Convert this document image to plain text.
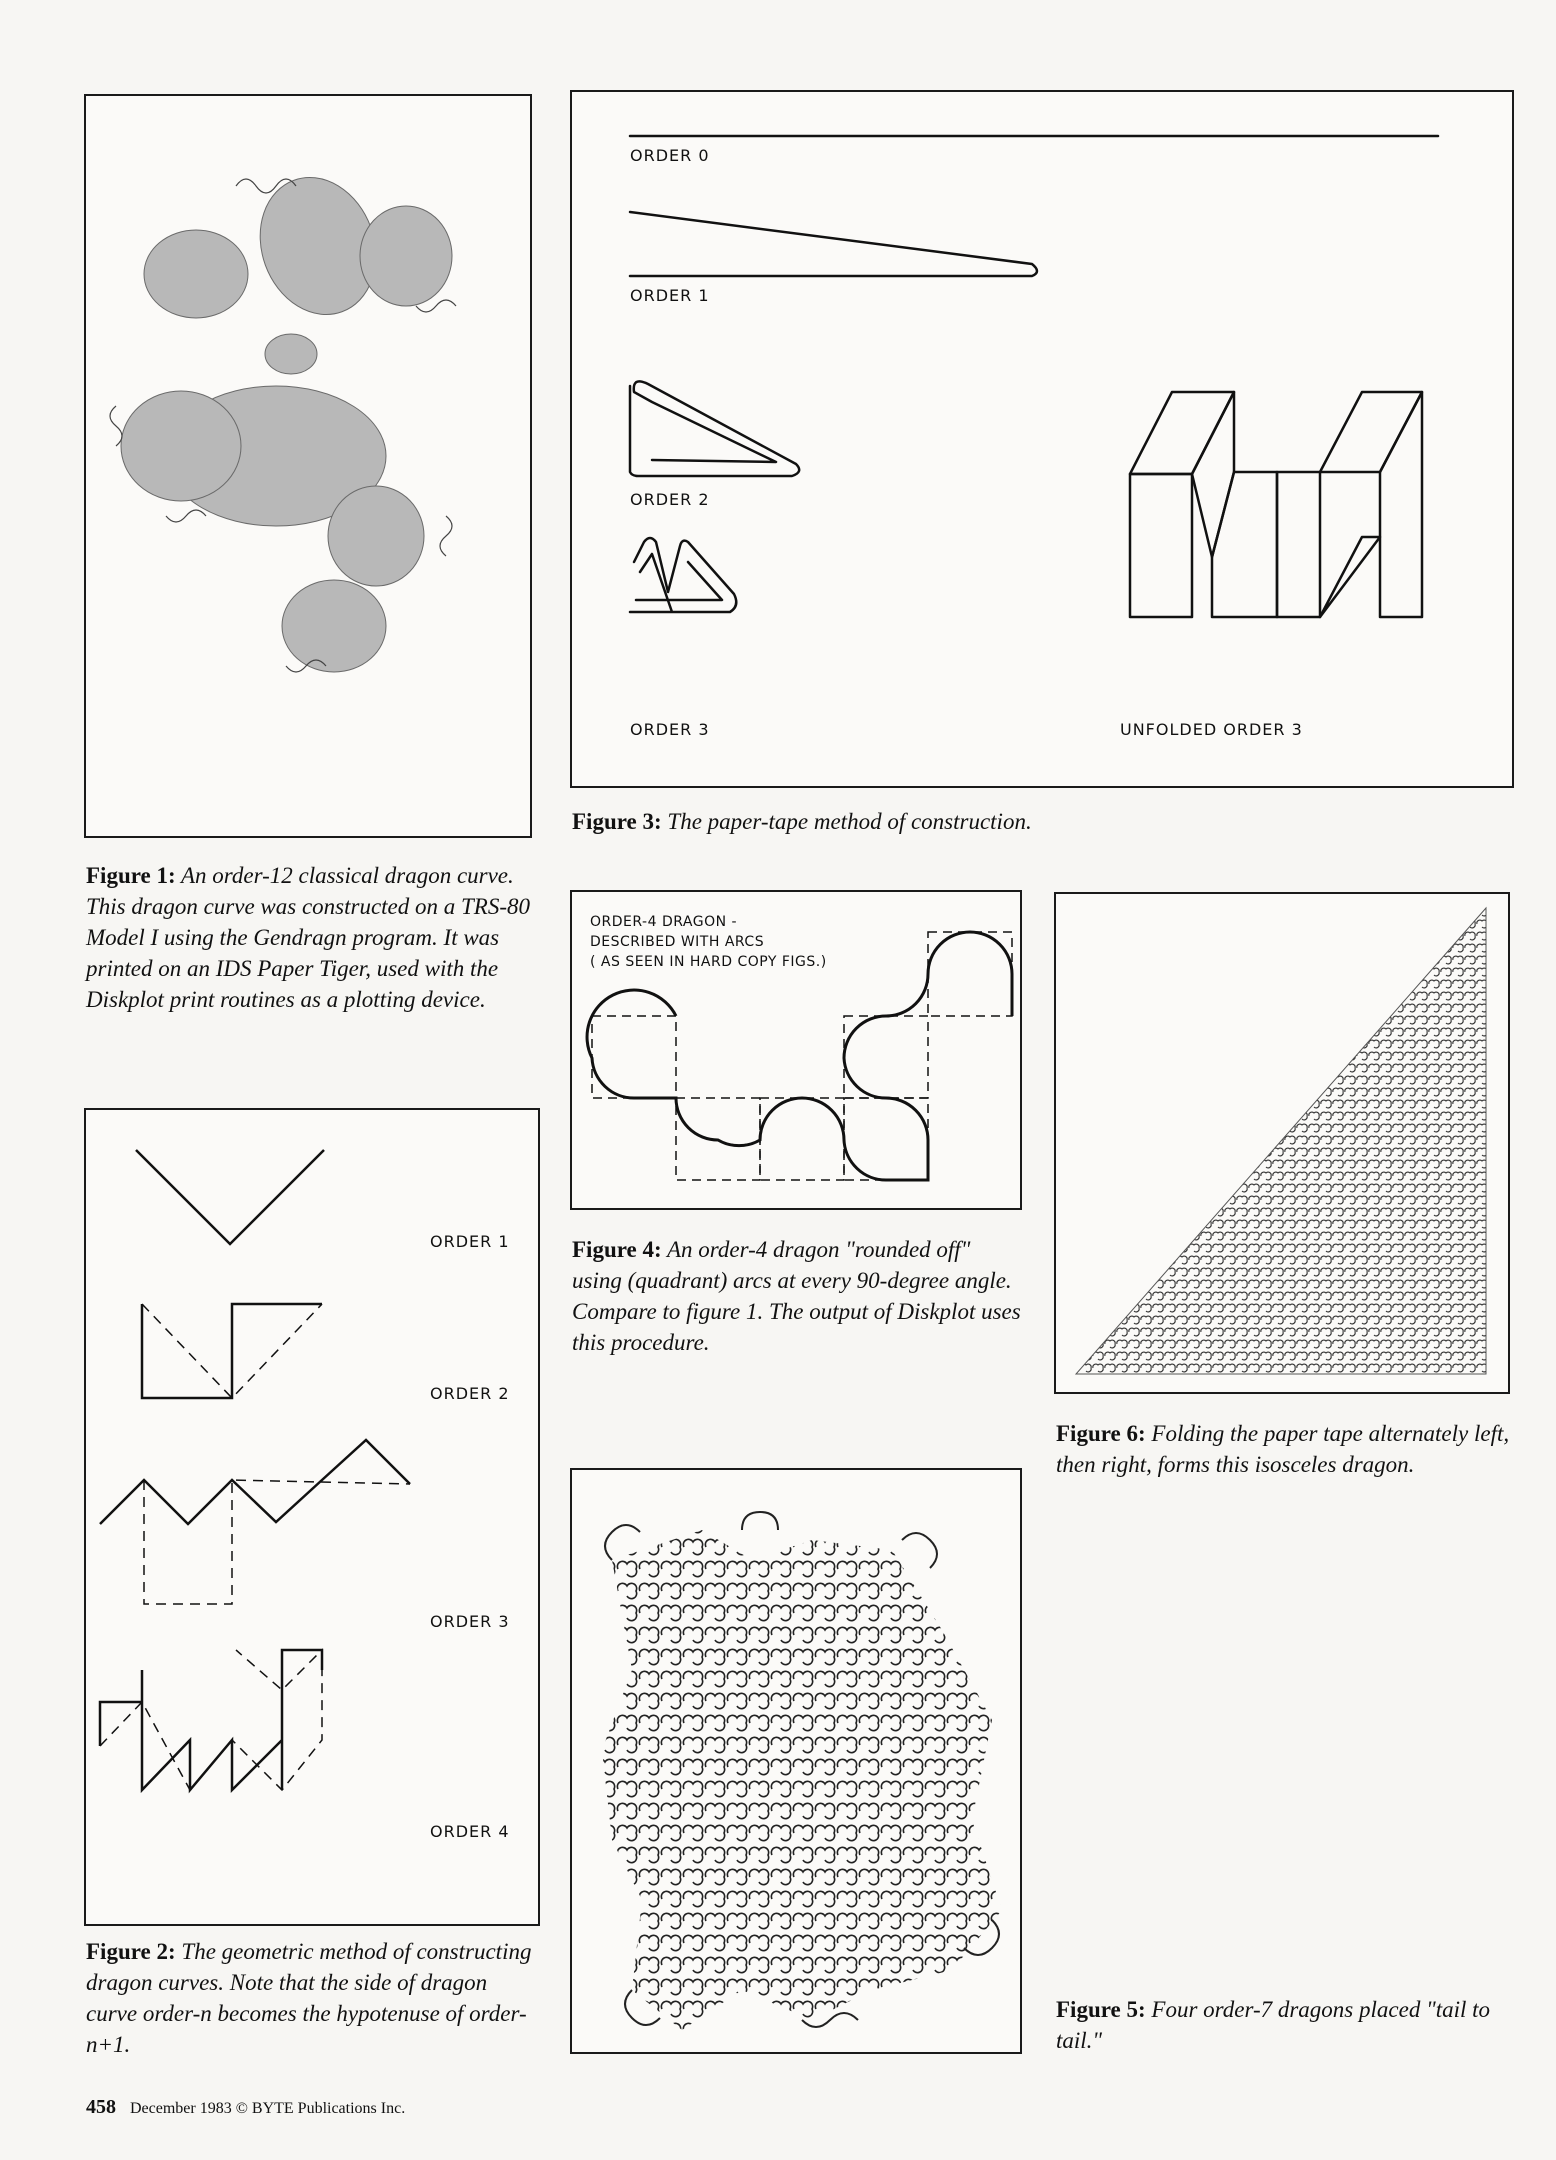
Figure 1: An order-12 classical dragon curve. This dragon curve was constructed on a TRS-80 Model I using the Gendragn program. It was printed on an IDS Paper Tiger, used with the Diskplot print routines as a plotting device.
ORDER 1
ORDER 2
ORDER 3
ORDER 4
Figure 2: The geometric method of constructing dragon curves. Note that the side of dragon curve order-n becomes the hypotenuse of order-n+1.
ORDER 0
ORDER 1
ORDER 2
ORDER 3	UNFOLDED ORDER 3
Figure 3: The paper-tape method of construction.
ORDER-4 DRAGON -
DESCRIBED WITH ARCS
( AS SEEN IN HARD COPY FIGS.)
Figure 4: An order-4 dragon "rounded off" using (quadrant) arcs at every 90-degree angle. Compare to figure 1. The output of Diskplot uses this procedure.
Figure 5: Four order-7 dragons placed "tail to tail."
Figure 6: Folding the paper tape alternately left, then right, forms this isosceles dragon.
458 December 1983 © BYTE Publications Inc.
